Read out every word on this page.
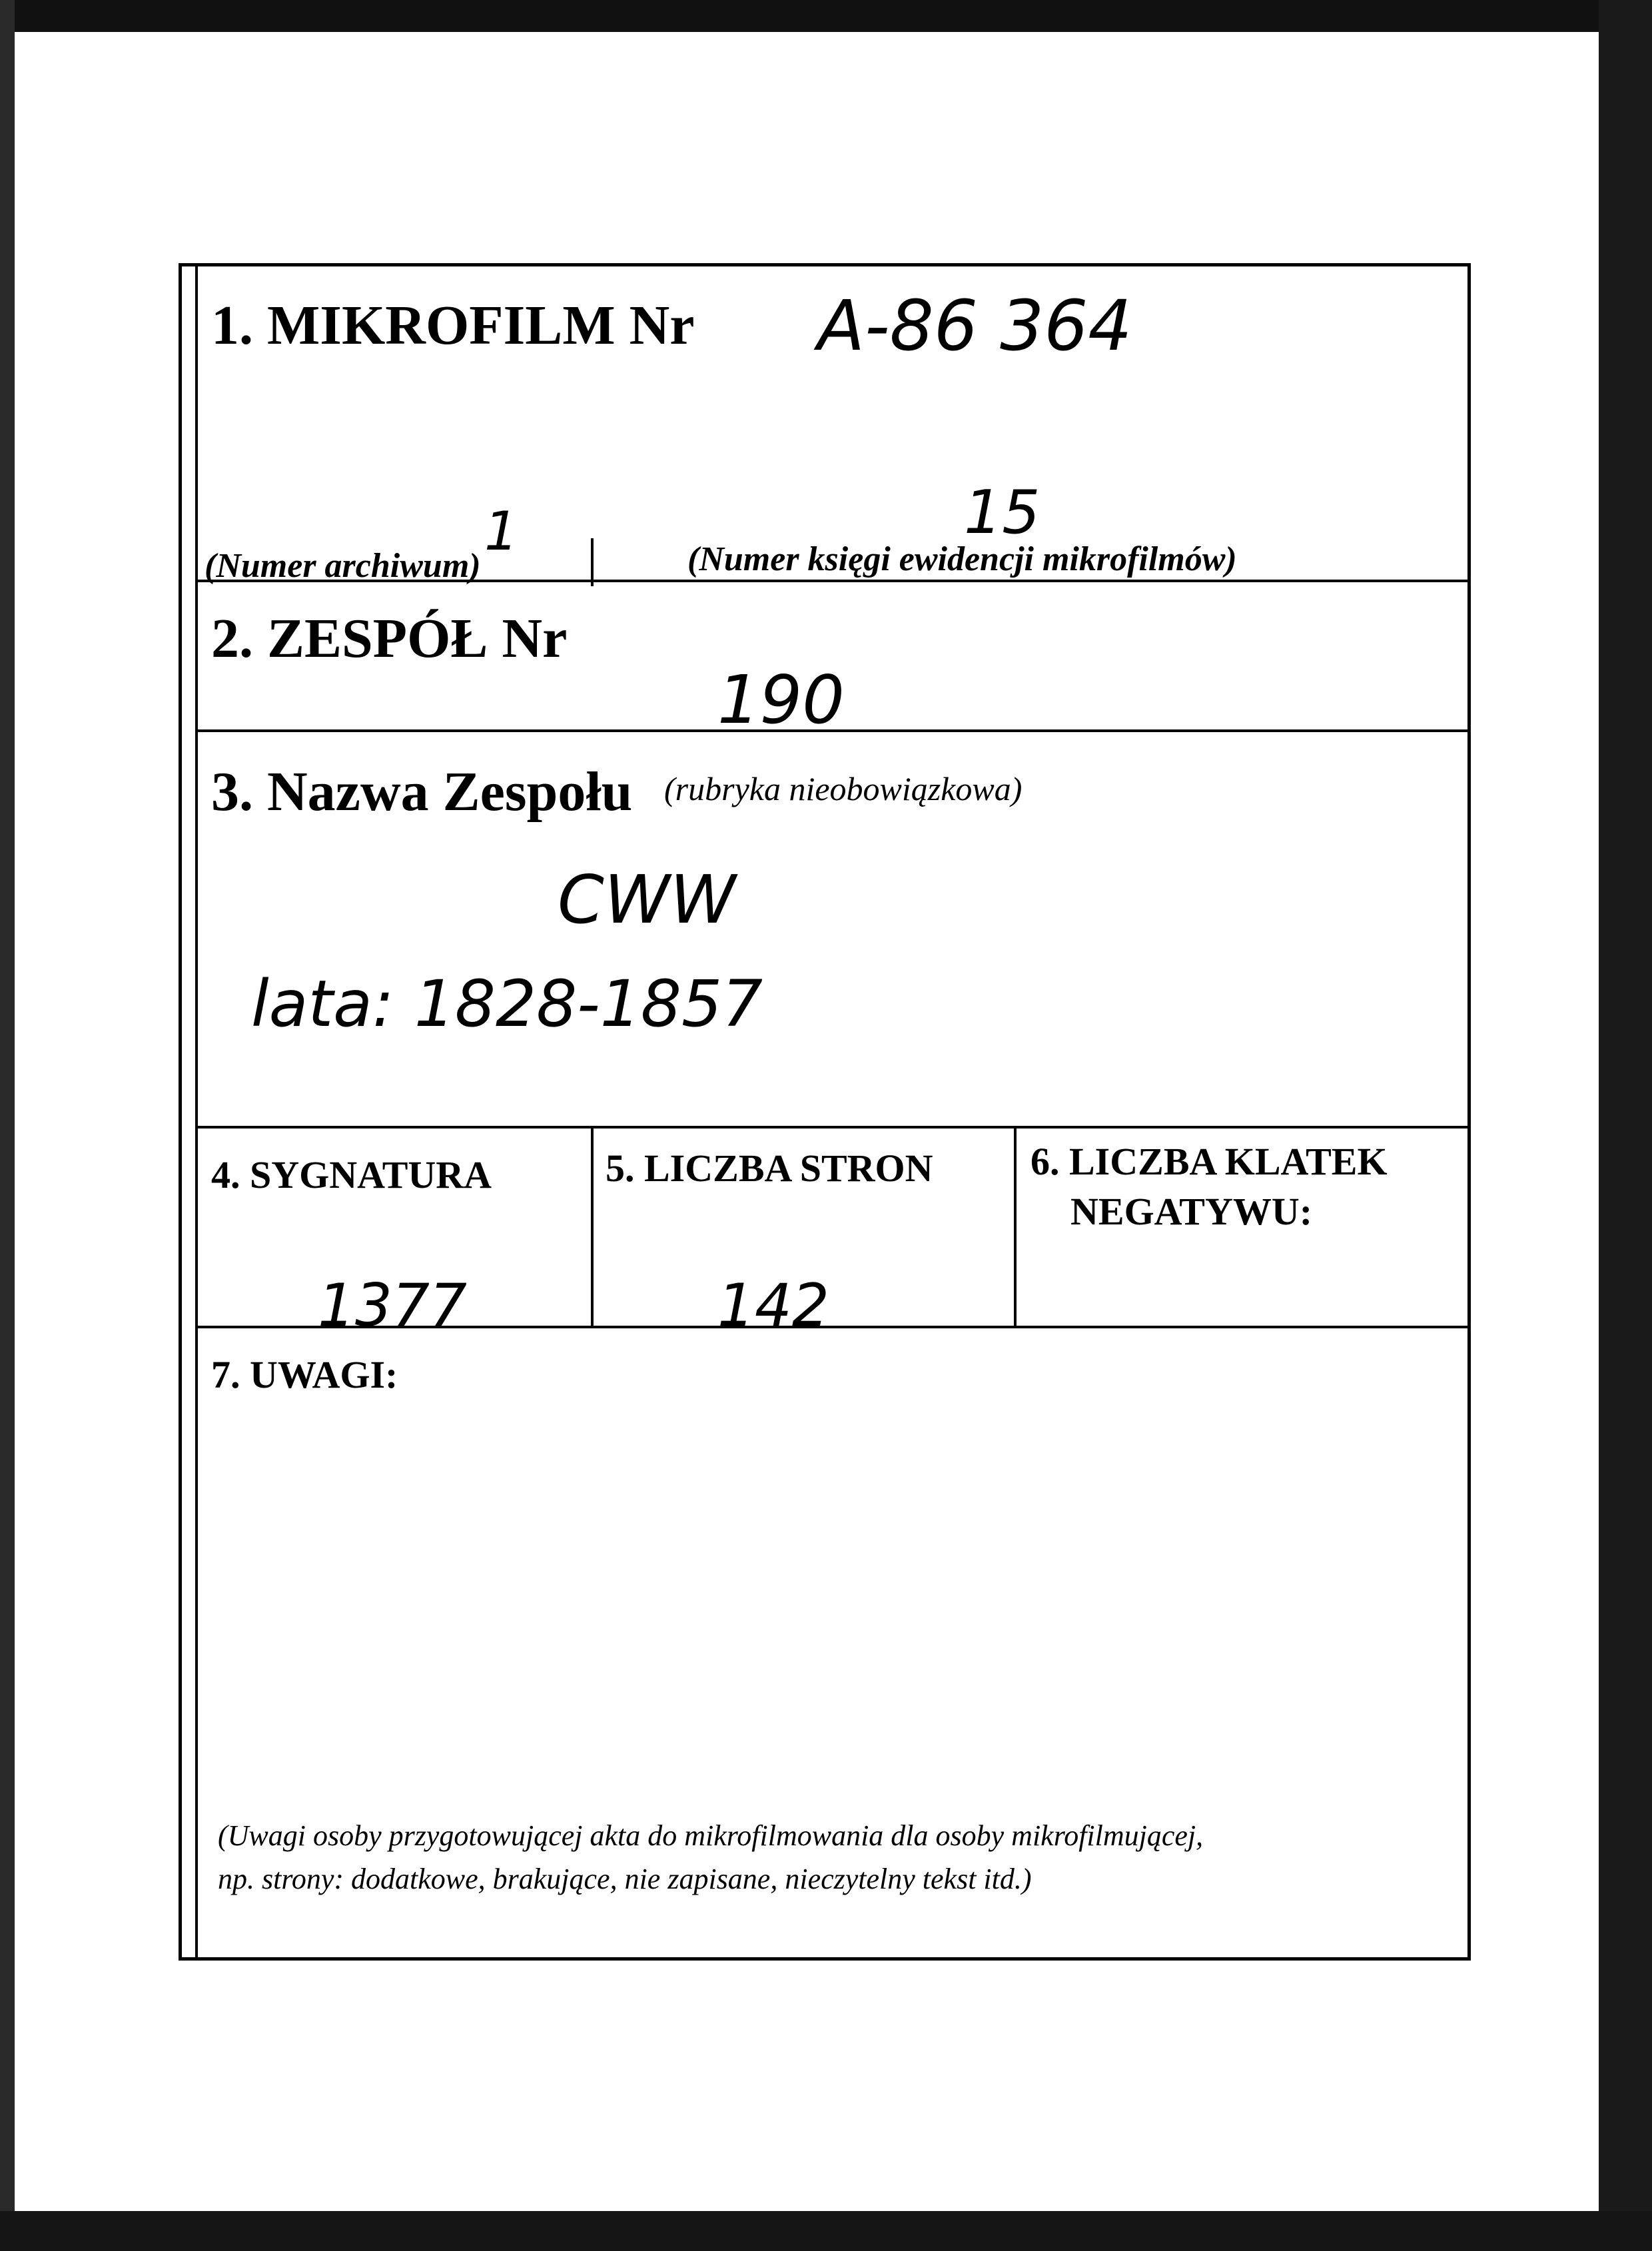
1. MIKROFILM Nr A-86 364
1	15
(Numer archiwum)	(Numer księgi ewidencji mikrofilmów)
2. ZESPÓŁ Nr
190
3. Nazwa Zespołu (rubryka nieobowiązkowa)
CWW
lata: 1828-1857
4. SYGNATURA
1377
5. LICZBA STRON
142
6. LICZBA KLATEK
NEGATYWU:
7. UWAGI:
(Uwagi osoby przygotowującej akta do mikrofilmowania dla osoby mikrofilmującej,
np. strony: dodatkowe, brakujące, nie zapisane, nieczytelny tekst itd.)
